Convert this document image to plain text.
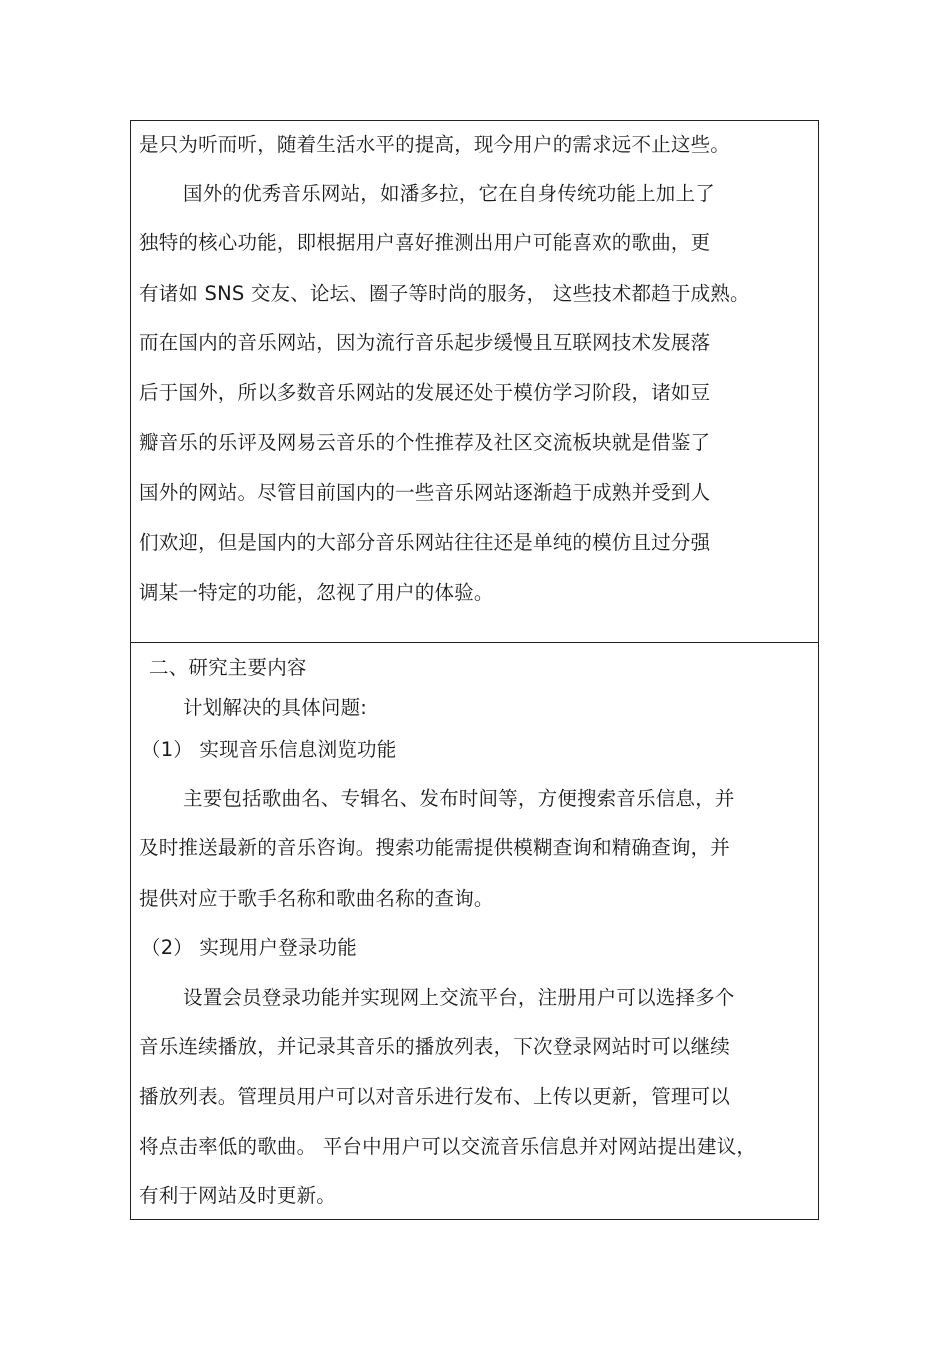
是只为听而听，随着生活水平的提高，现今用户的需求远不止这些。
国外的优秀音乐网站，如潘多拉，它在自身传统功能上加上了
独特的核心功能，即根据用户喜好推测出用户可能喜欢的歌曲，更
有诸如 SNS 交友、论坛、圈子等时尚的服务， 这些技术都趋于成熟。
而在国内的音乐网站，因为流行音乐起步缓慢且互联网技术发展落
后于国外，所以多数音乐网站的发展还处于模仿学习阶段，诸如豆
瓣音乐的乐评及网易云音乐的个性推荐及社区交流板块就是借鉴了
国外的网站。尽管目前国内的一些音乐网站逐渐趋于成熟并受到人
们欢迎，但是国内的大部分音乐网站往往还是单纯的模仿且过分强
调某一特定的功能，忽视了用户的体验。
二、研究主要内容
计划解决的具体问题:
（1） 实现音乐信息浏览功能
主要包括歌曲名、专辑名、发布时间等，方便搜索音乐信息，并
及时推送最新的音乐咨询。搜索功能需提供模糊查询和精确查询，并
提供对应于歌手名称和歌曲名称的查询。
（2） 实现用户登录功能
设置会员登录功能并实现网上交流平台，注册用户可以选择多个
音乐连续播放，并记录其音乐的播放列表，下次登录网站时可以继续
播放列表。管理员用户可以对音乐进行发布、上传以更新，管理可以
将点击率低的歌曲。 平台中用户可以交流音乐信息并对网站提出建议，
有利于网站及时更新。
